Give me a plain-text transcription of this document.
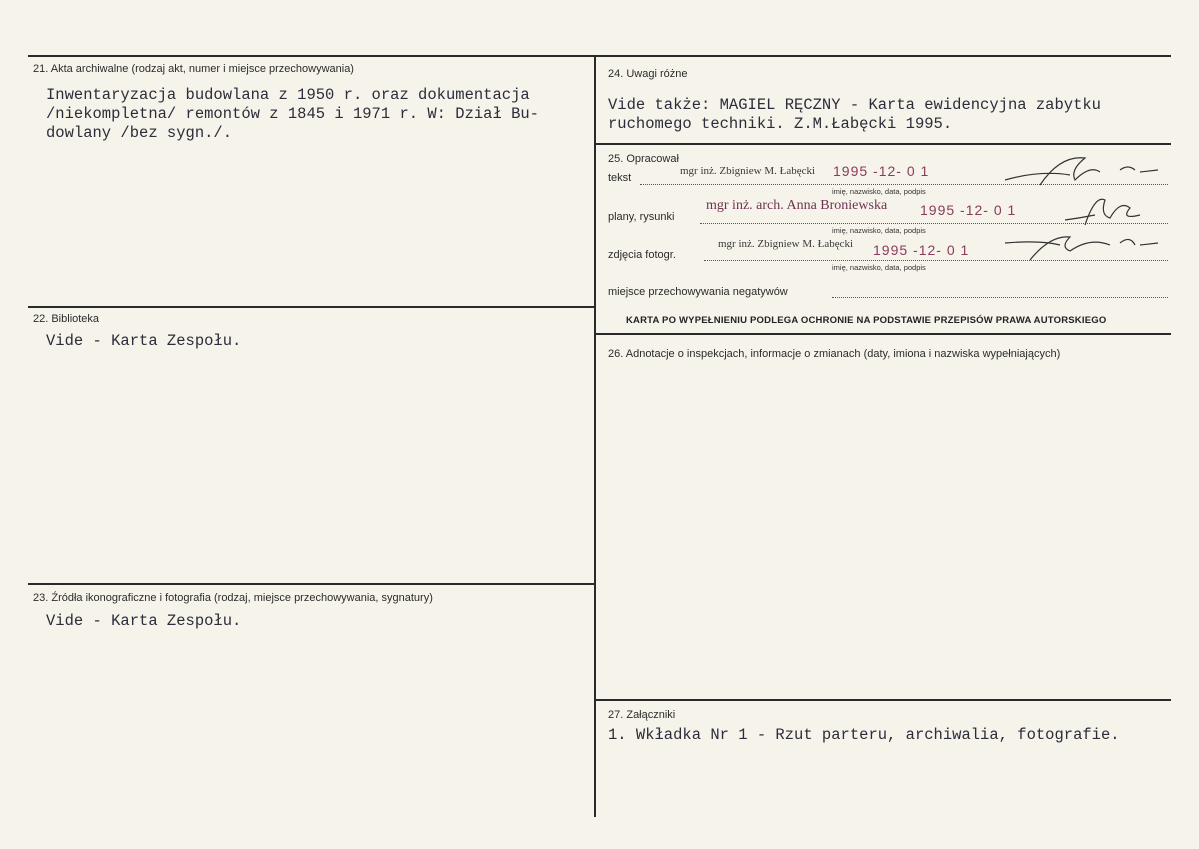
21. Akta archiwalne (rodzaj akt, numer i miejsce przechowywania)
Inwentaryzacja budowlana z 1950 r. oraz dokumentacja
/niekompletna/ remontów z 1845 i 1971 r. W: Dział Bu-
dowlany /bez sygn./.
22. Biblioteka
Vide - Karta Zespołu.
23. Źródła ikonograficzne i fotografia (rodzaj, miejsce przechowywania, sygnatury)
Vide - Karta Zespołu.
24. Uwagi różne
Vide także: MAGIEL RĘCZNY - Karta ewidencyjna zabytku
ruchomego techniki. Z.M.Łabęcki 1995.
25. Opracował
tekst
mgr inż. Zbigniew M. Łabęcki 1995 -12- 0 1
imię, nazwisko, data, podpis
plany, rysunki
mgr inż. arch. Anna Broniewska 1995 -12- 0 1
imię, nazwisko, data, podpis
zdjęcia fotogr.
mgr inż. Zbigniew M. Łabęcki 1995 -12- 0 1
imię, nazwisko, data, podpis
miejsce przechowywania negatywów
KARTA PO WYPEŁNIENIU PODLEGA OCHRONIE NA PODSTAWIE PRZEPISÓW PRAWA AUTORSKIEGO
26. Adnotacje o inspekcjach, informacje o zmianach (daty, imiona i nazwiska wypełniających)
27. Załączniki
1. Wkładka Nr 1 - Rzut parteru, archiwalia, fotografie.
